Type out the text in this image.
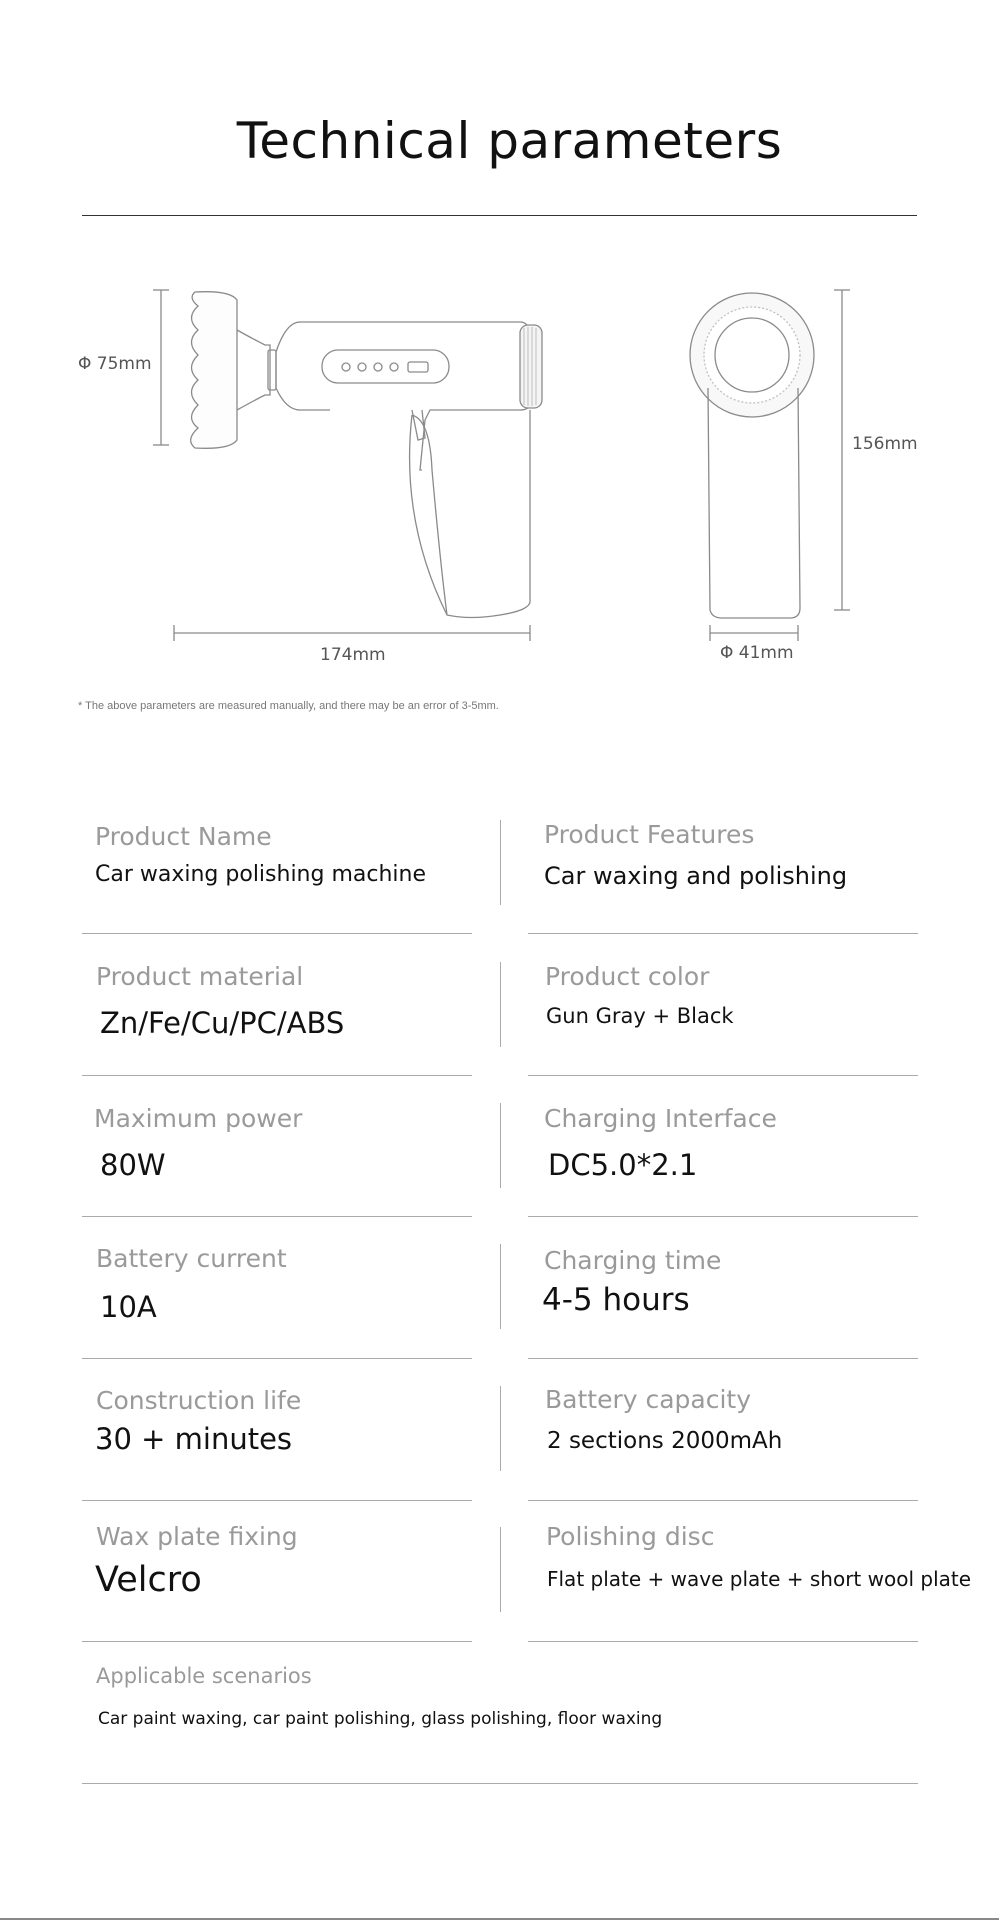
Technical parameters
Φ 75mm
174mm
156mm
Φ 41mm
* The above parameters are measured manually, and there may be an error of 3-5mm.
Product Name
Car waxing polishing machine
Product Features
Car waxing and polishing
Product material
Zn/Fe/Cu/PC/ABS
Product color
Gun Gray + Black
Maximum power
80W
Charging Interface
DC5.0*2.1
Battery current
10A
Charging time
4-5 hours
Construction life
30 + minutes
Battery capacity
2 sections 2000mAh
Wax plate fixing
Velcro
Polishing disc
Flat plate + wave plate + short wool plate
Applicable scenarios
Car paint waxing, car paint polishing, glass polishing, floor waxing
